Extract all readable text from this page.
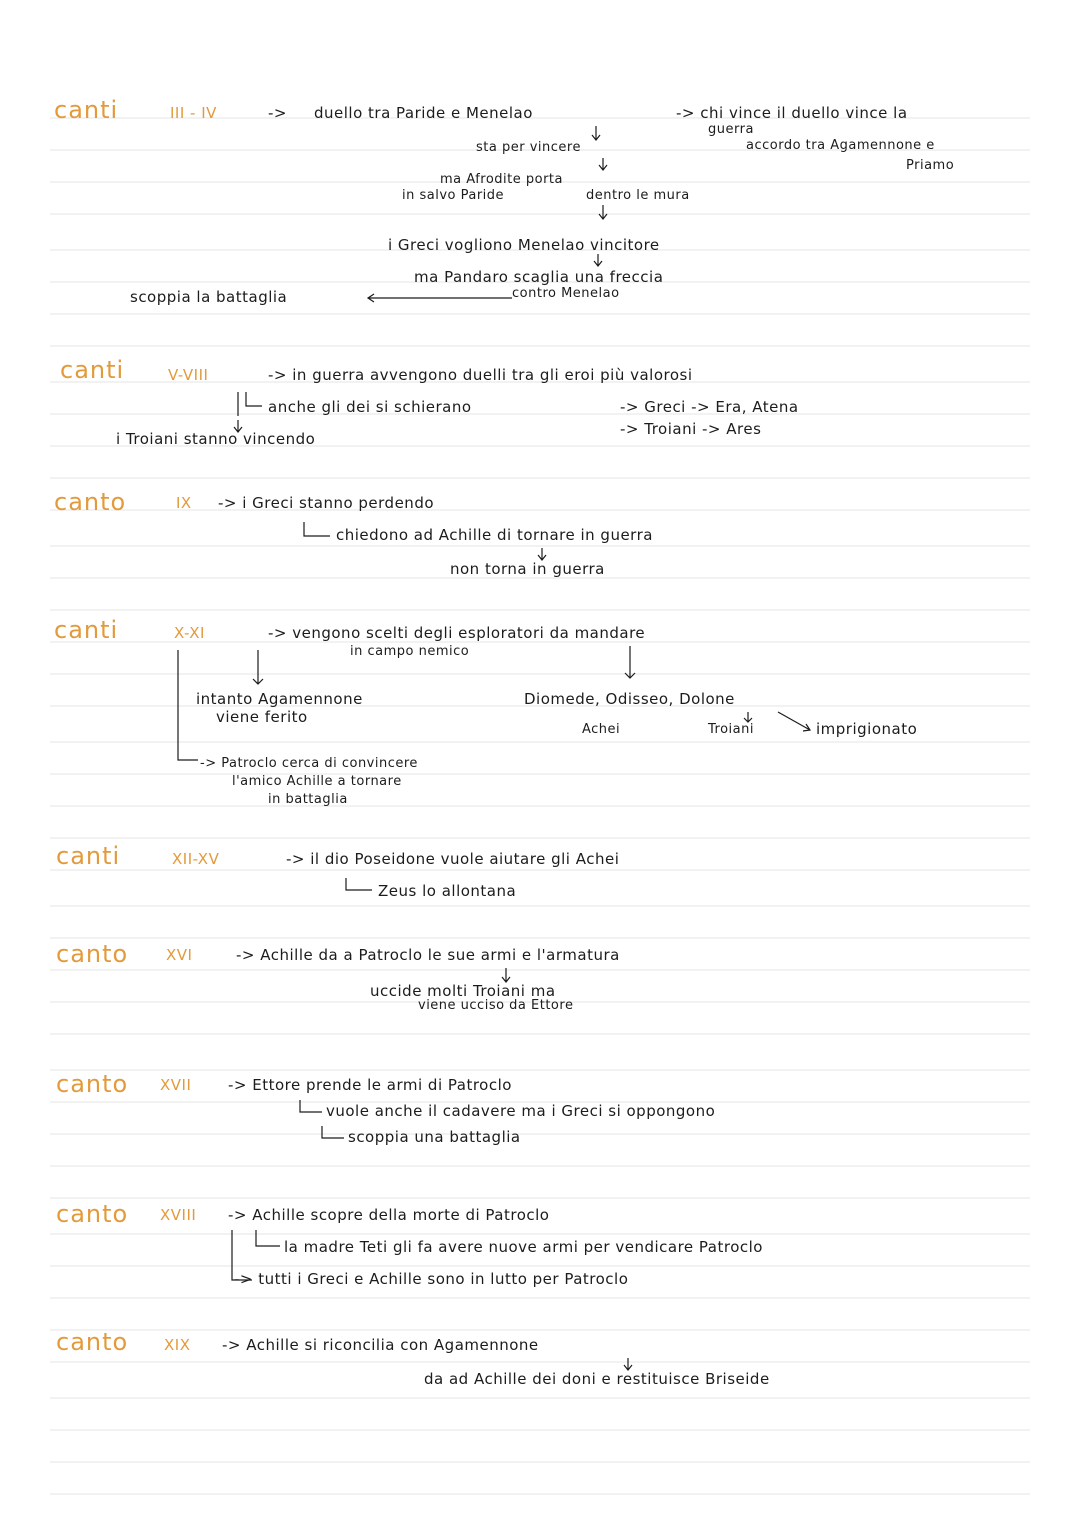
canti	III - IV	-> duello tra Paride e Menelao	-> chi vince il duello vince la
guerra
accordo tra Agamennone e
Priamo
sta per vincere
ma Afrodite porta
in salvo Paride	dentro le mura
i Greci vogliono Menelao vincitore
ma Pandaro scaglia una freccia
contro Menelao
scoppia la battaglia
canti	V-VIII	-> in guerra avvengono duelli tra gli eroi più valorosi
anche gli dei si schierano	-> Greci -> Era, Atena
-> Troiani -> Ares
i Troiani stanno vincendo
canto	IX -> i Greci stanno perdendo
chiedono ad Achille di tornare in guerra
non torna in guerra
canti	X-XI	-> vengono scelti degli esploratori da mandare
in campo nemico
intanto Agamennone
viene ferito
Diomede, Odisseo, Dolone
Achei	Troiani	imprigionato
-> Patroclo cerca di convincere
l'amico Achille a tornare
in battaglia
canti	XII-XV	-> il dio Poseidone vuole aiutare gli Achei
Zeus lo allontana
canto	XVI	-> Achille da a Patroclo le sue armi e l'armatura
uccide molti Troiani ma
viene ucciso da Ettore
canto XVII -> Ettore prende le armi di Patroclo
vuole anche il cadavere ma i Greci si oppongono
scoppia una battaglia
canto XVIII -> Achille scopre della morte di Patroclo
la madre Teti gli fa avere nuove armi per vendicare Patroclo
-> tutti i Greci e Achille sono in lutto per Patroclo
canto XIX -> Achille si riconcilia con Agamennone
da ad Achille dei doni e restituisce Briseide
